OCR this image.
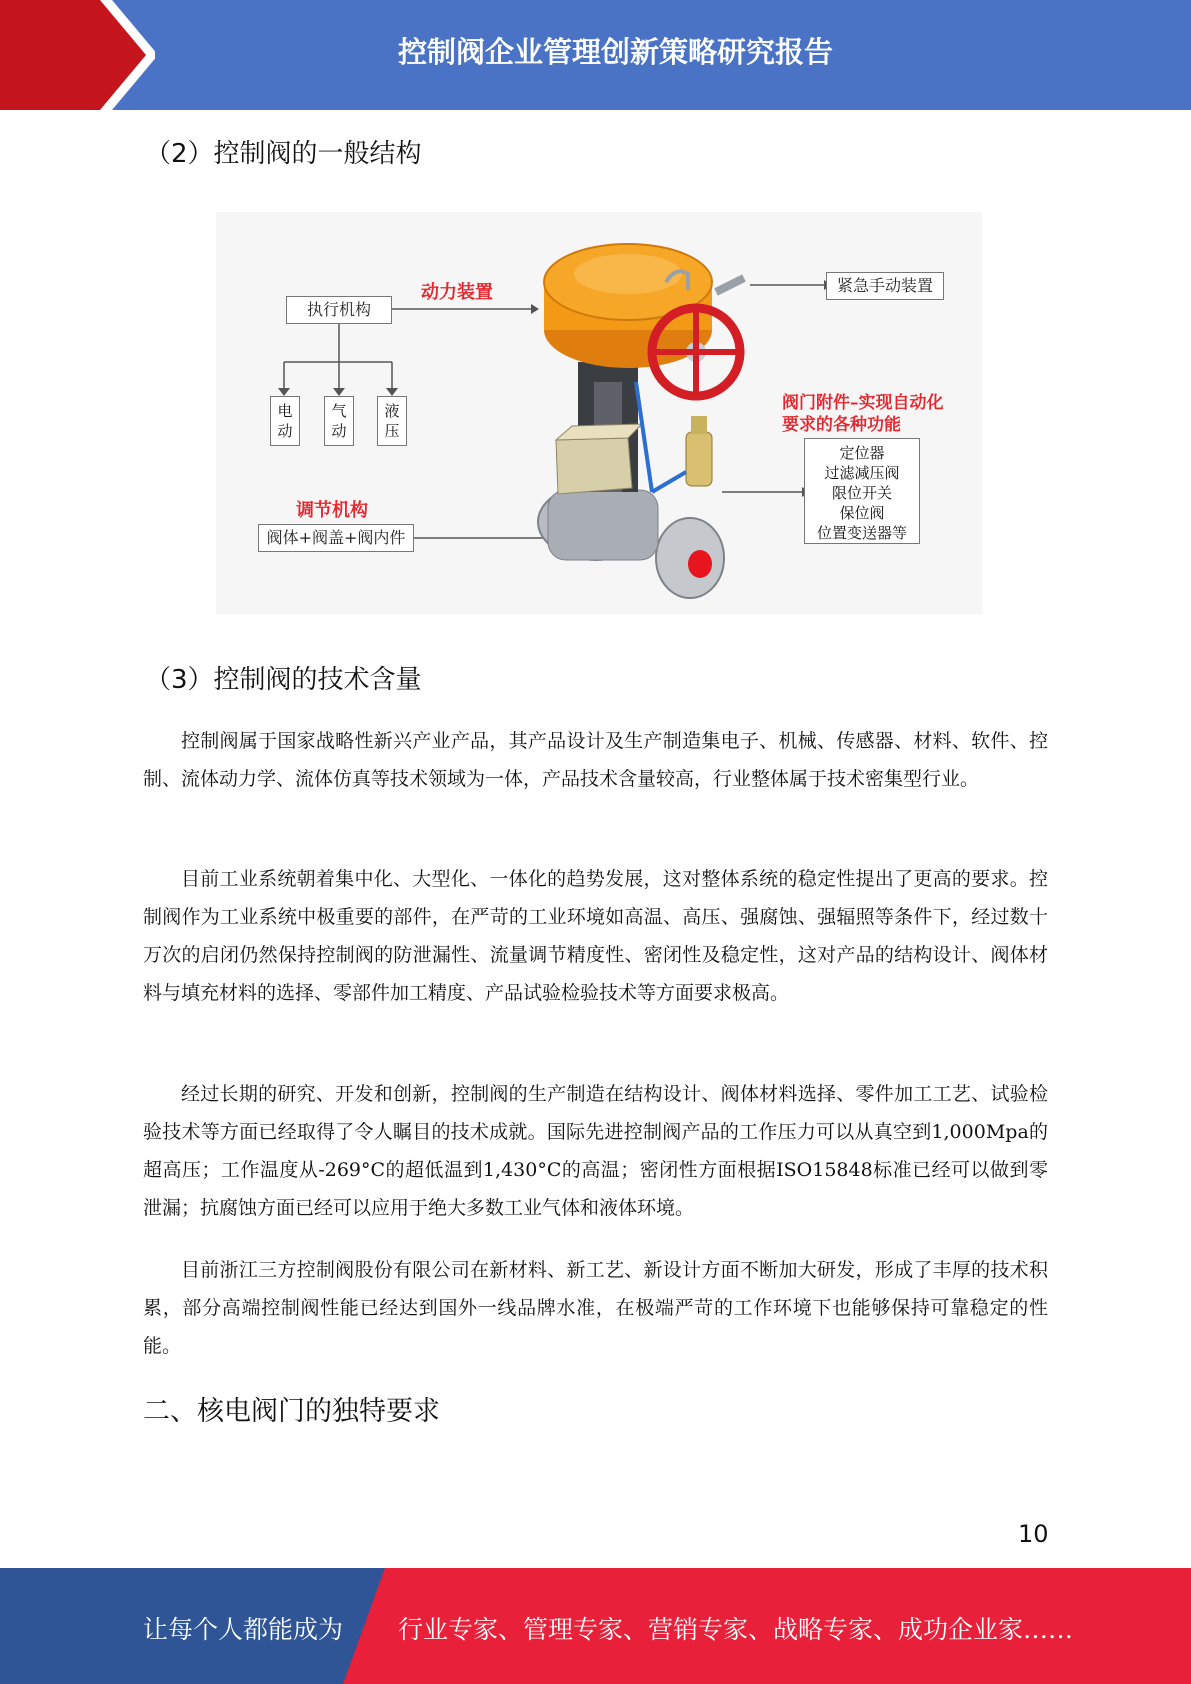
控制阀企业管理创新策略研究报告
（2）控制阀的一般结构
执行机构
动力装置
电
动
气
动
液
压
调节机构
阀体+阀盖+阀内件
紧急手动装置
阀门附件–实现自动化
要求的各种功能
定位器
过滤减压阀
限位开关
保位阀
位置变送器等
（3）控制阀的技术含量
控制阀属于国家战略性新兴产业产品，其产品设计及生产制造集电子、机械、传感器、材料、软件、控制、流体动力学、流体仿真等技术领域为一体，产品技术含量较高，行业整体属于技术密集型行业。
目前工业系统朝着集中化、大型化、一体化的趋势发展，这对整体系统的稳定性提出了更高的要求。控制阀作为工业系统中极重要的部件，在严苛的工业环境如高温、高压、强腐蚀、强辐照等条件下，经过数十万次的启闭仍然保持控制阀的防泄漏性、流量调节精度性、密闭性及稳定性，这对产品的结构设计、阀体材料与填充材料的选择、零部件加工精度、产品试验检验技术等方面要求极高。
经过长期的研究、开发和创新，控制阀的生产制造在结构设计、阀体材料选择、零件加工工艺、试验检验技术等方面已经取得了令人瞩目的技术成就。国际先进控制阀产品的工作压力可以从真空到1,000Mpa的超高压；工作温度从-269°C的超低温到1,430°C的高温；密闭性方面根据ISO15848标准已经可以做到零泄漏；抗腐蚀方面已经可以应用于绝大多数工业气体和液体环境。
目前浙江三方控制阀股份有限公司在新材料、新工艺、新设计方面不断加大研发，形成了丰厚的技术积累，部分高端控制阀性能已经达到国外一线品牌水准，在极端严苛的工作环境下也能够保持可靠稳定的性能。
二、核电阀门的独特要求
10
让每个人都能成为 行业专家、管理专家、营销专家、战略专家、成功企业家……
